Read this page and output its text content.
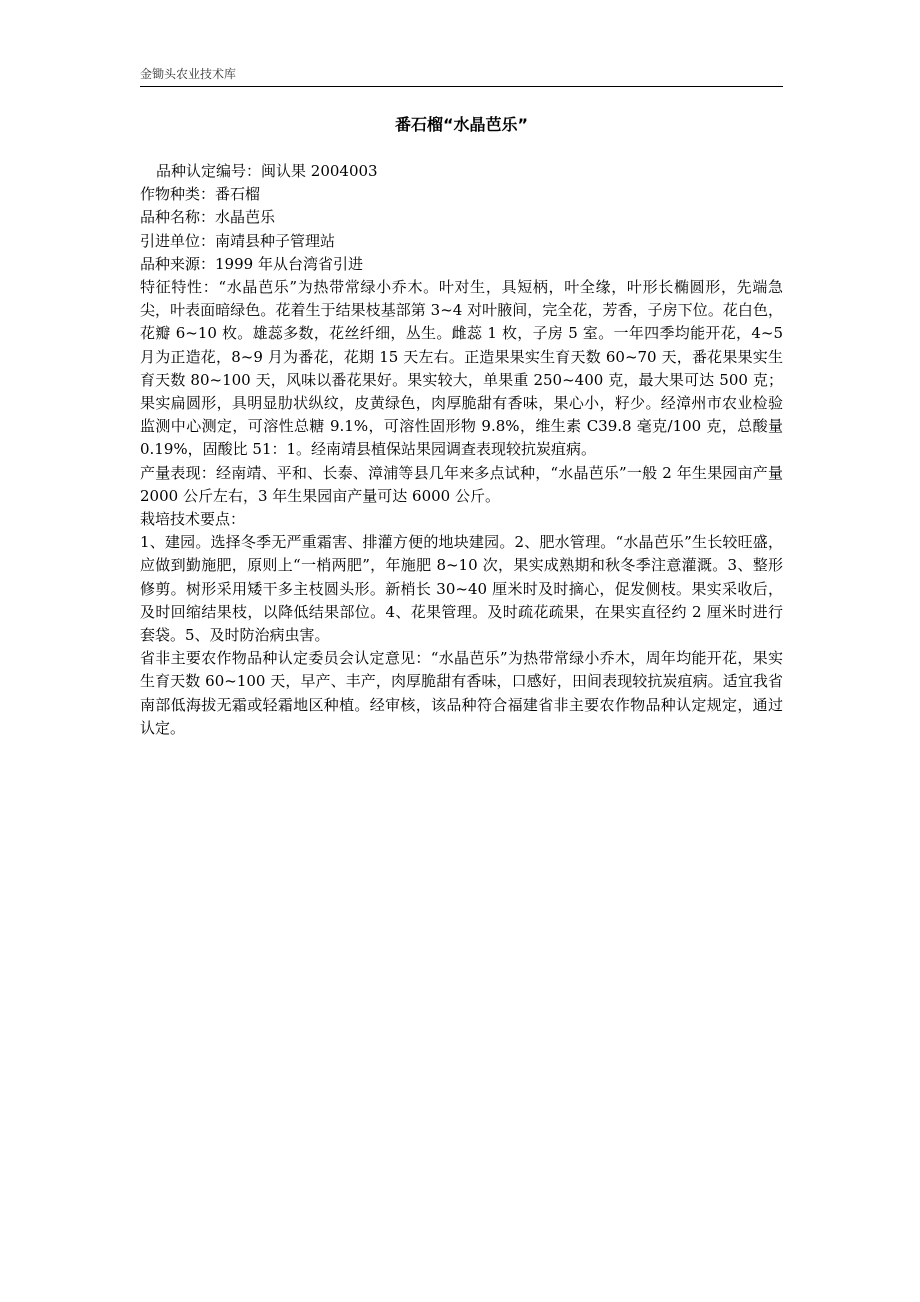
金锄头农业技术库
番石榴“水晶芭乐”

品种认定编号：闽认果 2004003

作物种类：番石榴

品种名称：水晶芭乐

引进单位：南靖县种子管理站

品种来源：1999 年从台湾省引进

特征特性：“水晶芭乐”为热带常绿小乔木。叶对生，具短柄，叶全缘，叶形长椭圆形，先端急尖，叶表面暗绿色。花着生于结果枝基部第 3~4 对叶腋间，完全花，芳香，子房下位。花白色，花瓣 6~10 枚。雄蕊多数，花丝纤细，丛生。雌蕊 1 枚，子房 5 室。一年四季均能开花，4~5 月为正造花，8~9 月为番花，花期 15 天左右。正造果果实生育天数 60~70 天，番花果果实生育天数 80~100 天，风味以番花果好。果实较大，单果重 250~400 克，最大果可达 500 克；果实扁圆形，具明显肋状纵纹，皮黄绿色，肉厚脆甜有香味，果心小，籽少。经漳州市农业检验监测中心测定，可溶性总糖 9.1%，可溶性固形物 9.8%，维生素 C39.8 毫克/100 克，总酸量 0.19%，固酸比 51：1。经南靖县植保站果园调查表现较抗炭疽病。

产量表现：经南靖、平和、长泰、漳浦等县几年来多点试种，“水晶芭乐”一般 2 年生果园亩产量 2000 公斤左右，3 年生果园亩产量可达 6000 公斤。

栽培技术要点：

1、建园。选择冬季无严重霜害、排灌方便的地块建园。2、肥水管理。“水晶芭乐”生长较旺盛，应做到勤施肥，原则上“一梢两肥”，年施肥 8~10 次，果实成熟期和秋冬季注意灌溉。3、整形修剪。树形采用矮干多主枝圆头形。新梢长 30~40 厘米时及时摘心，促发侧枝。果实采收后，及时回缩结果枝，以降低结果部位。4、花果管理。及时疏花疏果，在果实直径约 2 厘米时进行套袋。5、及时防治病虫害。

省非主要农作物品种认定委员会认定意见：“水晶芭乐”为热带常绿小乔木，周年均能开花，果实生育天数 60~100 天，早产、丰产，肉厚脆甜有香味，口感好，田间表现较抗炭疽病。适宜我省南部低海拔无霜或轻霜地区种植。经审核，该品种符合福建省非主要农作物品种认定规定，通过认定。
